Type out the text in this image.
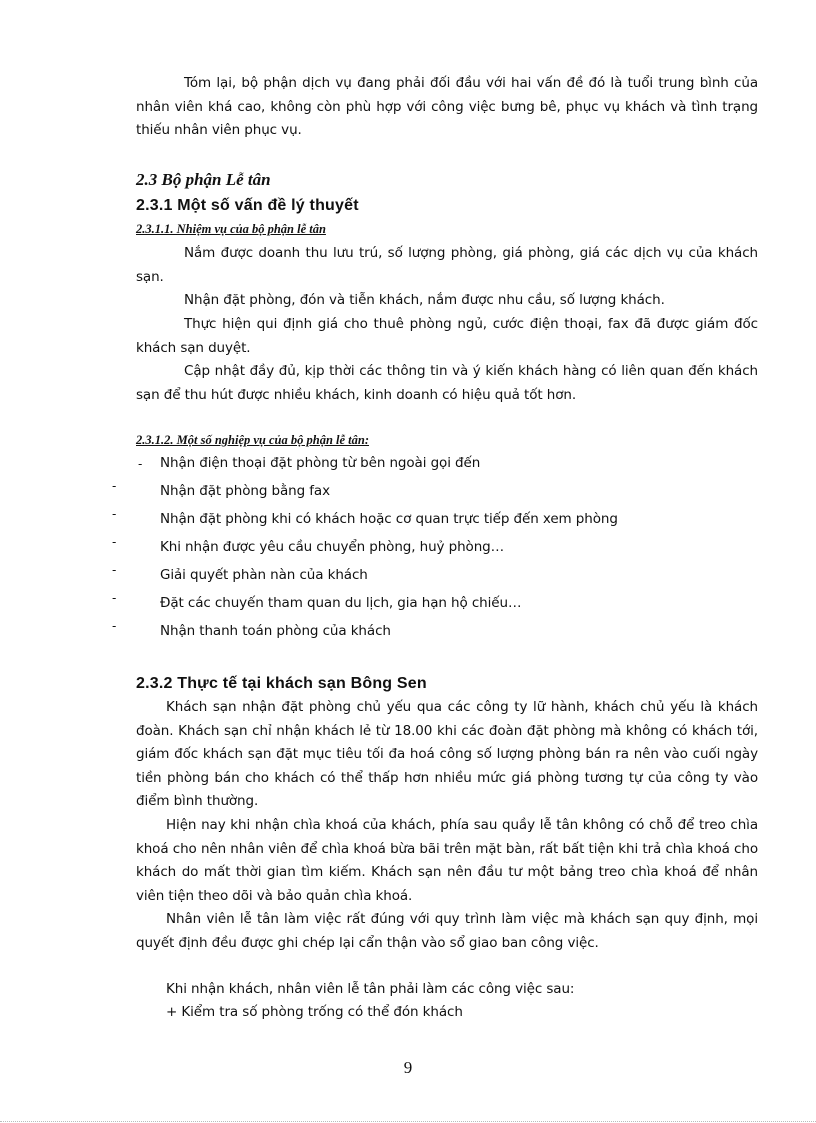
Tóm lại, bộ phận dịch vụ đang phải đối đầu với hai vấn đề đó là tuổi trung bình của nhân viên khá cao, không còn phù hợp với công việc bưng bê, phục vụ khách và tình trạng thiếu nhân viên phục vụ.

2.3 Bộ phận Lễ tân
2.3.1 Một số vấn đề lý thuyết
2.3.1.1. Nhiệm vụ của bộ phận lễ tân

Nắm được doanh thu lưu trú, số lượng phòng, giá phòng, giá các dịch vụ của khách sạn.

Nhận đặt phòng, đón và tiễn khách, nắm được nhu cầu, số lượng khách.

Thực hiện qui định giá cho thuê phòng ngủ, cước điện thoại, fax đã được giám đốc khách sạn duyệt.

Cập nhật đầy đủ, kịp thời các thông tin và ý kiến khách hàng có liên quan đến khách sạn để thu hút được nhiều khách, kinh doanh có hiệu quả tốt hơn.

2.3.1.2. Một số nghiệp vụ của bộ phận lễ tân:
- Nhận điện thoại đặt phòng từ bên ngoài gọi đến
-	Nhận đặt phòng bằng fax
-	Nhận đặt phòng khi có khách hoặc cơ quan trực tiếp đến xem phòng
-	Khi nhận được yêu cầu chuyển phòng, huỷ phòng…
-	Giải quyết phàn nàn của khách
-	Đặt các chuyến tham quan du lịch, gia hạn hộ chiếu…
-	Nhận thanh toán phòng của khách
2.3.2 Thực tế tại khách sạn Bông Sen

Khách sạn nhận đặt phòng chủ yếu qua các công ty lữ hành, khách chủ yếu là khách đoàn. Khách sạn chỉ nhận khách lẻ từ 18.00 khi các đoàn đặt phòng mà không có khách tới, giám đốc khách sạn đặt mục tiêu tối đa hoá công số lượng phòng bán ra nên vào cuối ngày tiền phòng bán cho khách có thể thấp hơn nhiều mức giá phòng tương tự của công ty vào điểm bình thường.

Hiện nay khi nhận chìa khoá của khách, phía sau quầy lễ tân không có chỗ để treo chìa khoá cho nên nhân viên để chìa khoá bừa bãi trên mặt bàn, rất bất tiện khi trả chìa khoá cho khách do mất thời gian tìm kiếm. Khách sạn nên đầu tư một bảng treo chìa khoá để nhân viên tiện theo dõi và bảo quản chìa khoá.

Nhân viên lễ tân làm việc rất đúng với quy trình làm việc mà khách sạn quy định, mọi quyết định đều được ghi chép lại cẩn thận vào sổ giao ban công việc.

Khi nhận khách, nhân viên lễ tân phải làm các công việc sau:
+ Kiểm tra số phòng trống có thể đón khách
9
